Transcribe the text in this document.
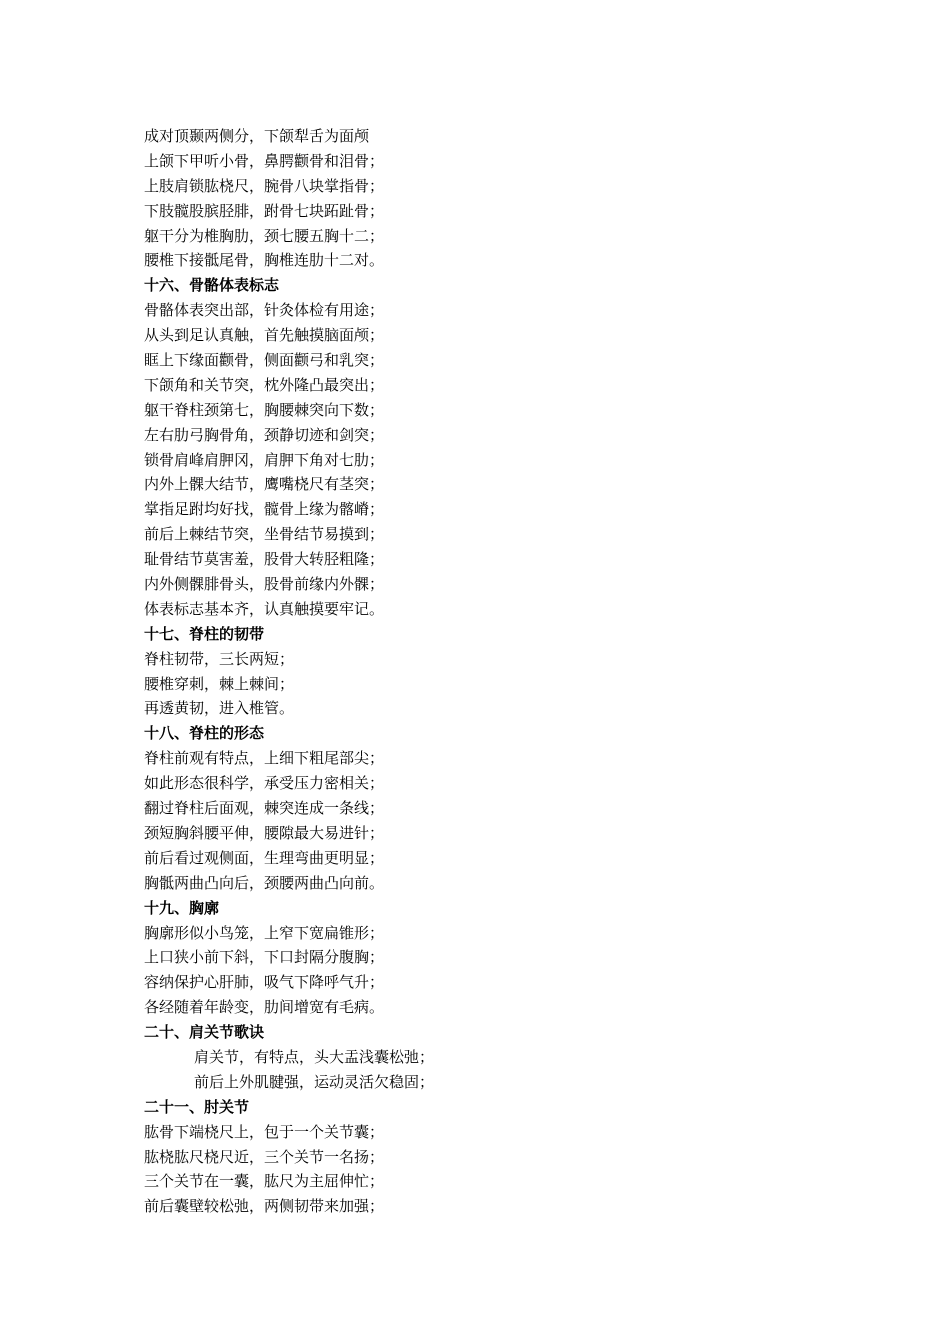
成对顶颞两侧分，下颌犁舌为面颅
上颌下甲听小骨，鼻腭颧骨和泪骨；
上肢肩锁肱桡尺，腕骨八块掌指骨；
下肢髋股膑胫腓，跗骨七块跖趾骨；
躯干分为椎胸肋，颈七腰五胸十二；
腰椎下接骶尾骨，胸椎连肋十二对。
十六、骨骼体表标志
骨骼体表突出部，针灸体检有用途；
从头到足认真触，首先触摸脑面颅；
眶上下缘面颧骨，侧面颧弓和乳突；
下颌角和关节突，枕外隆凸最突出；
躯干脊柱颈第七，胸腰棘突向下数；
左右肋弓胸骨角，颈静切迹和剑突；
锁骨肩峰肩胛冈，肩胛下角对七肋；
内外上髁大结节，鹰嘴桡尺有茎突；
掌指足跗均好找，髋骨上缘为髂嵴；
前后上棘结节突，坐骨结节易摸到；
耻骨结节莫害羞，股骨大转胫粗隆；
内外侧髁腓骨头，股骨前缘内外髁；
体表标志基本齐，认真触摸要牢记。
十七、脊柱的韧带
脊柱韧带，三长两短；
腰椎穿刺，棘上棘间；
再透黄韧，进入椎管。
十八、脊柱的形态
脊柱前观有特点，上细下粗尾部尖；
如此形态很科学，承受压力密相关；
翻过脊柱后面观，棘突连成一条线；
颈短胸斜腰平伸，腰隙最大易进针；
前后看过观侧面，生理弯曲更明显；
胸骶两曲凸向后，颈腰两曲凸向前。
十九、胸廓
胸廓形似小鸟笼，上窄下宽扁锥形；
上口狭小前下斜，下口封隔分腹胸；
容纳保护心肝肺，吸气下降呼气升；
各经随着年龄变，肋间增宽有毛病。
二十、肩关节歌诀
肩关节，有特点，头大盂浅囊松弛；
前后上外肌腱强，运动灵活欠稳固；
二十一、肘关节
肱骨下端桡尺上，包于一个关节囊；
肱桡肱尺桡尺近，三个关节一名扬；
三个关节在一囊，肱尺为主屈伸忙；
前后囊壁较松弛，两侧韧带来加强；
